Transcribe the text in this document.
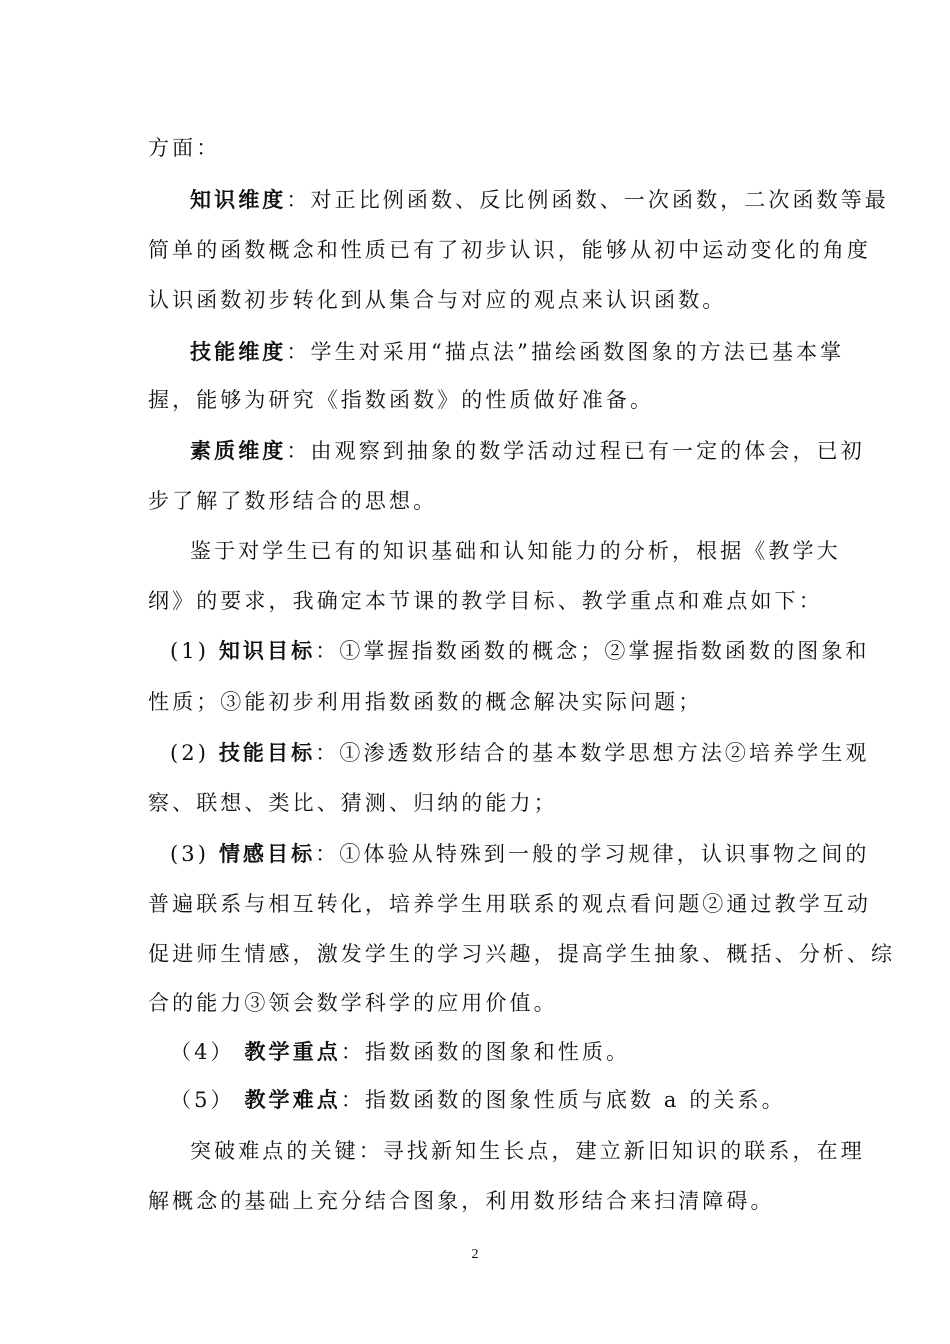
方面：
知识维度：对正比例函数、反比例函数、一次函数，二次函数等最
简单的函数概念和性质已有了初步认识，能够从初中运动变化的角度
认识函数初步转化到从集合与对应的观点来认识函数。
技能维度：学生对采用“描点法”描绘函数图象的方法已基本掌
握，能够为研究《指数函数》的性质做好准备。
素质维度：由观察到抽象的数学活动过程已有一定的体会，已初
步了解了数形结合的思想。
鉴于对学生已有的知识基础和认知能力的分析，根据《教学大
纲》的要求，我确定本节课的教学目标、教学重点和难点如下：
(1) 知识目标：①掌握指数函数的概念；②掌握指数函数的图象和
性质；③能初步利用指数函数的概念解决实际问题；
(2) 技能目标：①渗透数形结合的基本数学思想方法②培养学生观
察、联想、类比、猜测、归纳的能力；
(3) 情感目标：①体验从特殊到一般的学习规律，认识事物之间的
普遍联系与相互转化，培养学生用联系的观点看问题②通过教学互动
促进师生情感，激发学生的学习兴趣，提高学生抽象、概括、分析、综
合的能力③领会数学科学的应用价值。
（4） 教学重点：指数函数的图象和性质。
（5） 教学难点：指数函数的图象性质与底数 a 的关系。
突破难点的关键：寻找新知生长点，建立新旧知识的联系，在理
解概念的基础上充分结合图象，利用数形结合来扫清障碍。
2
